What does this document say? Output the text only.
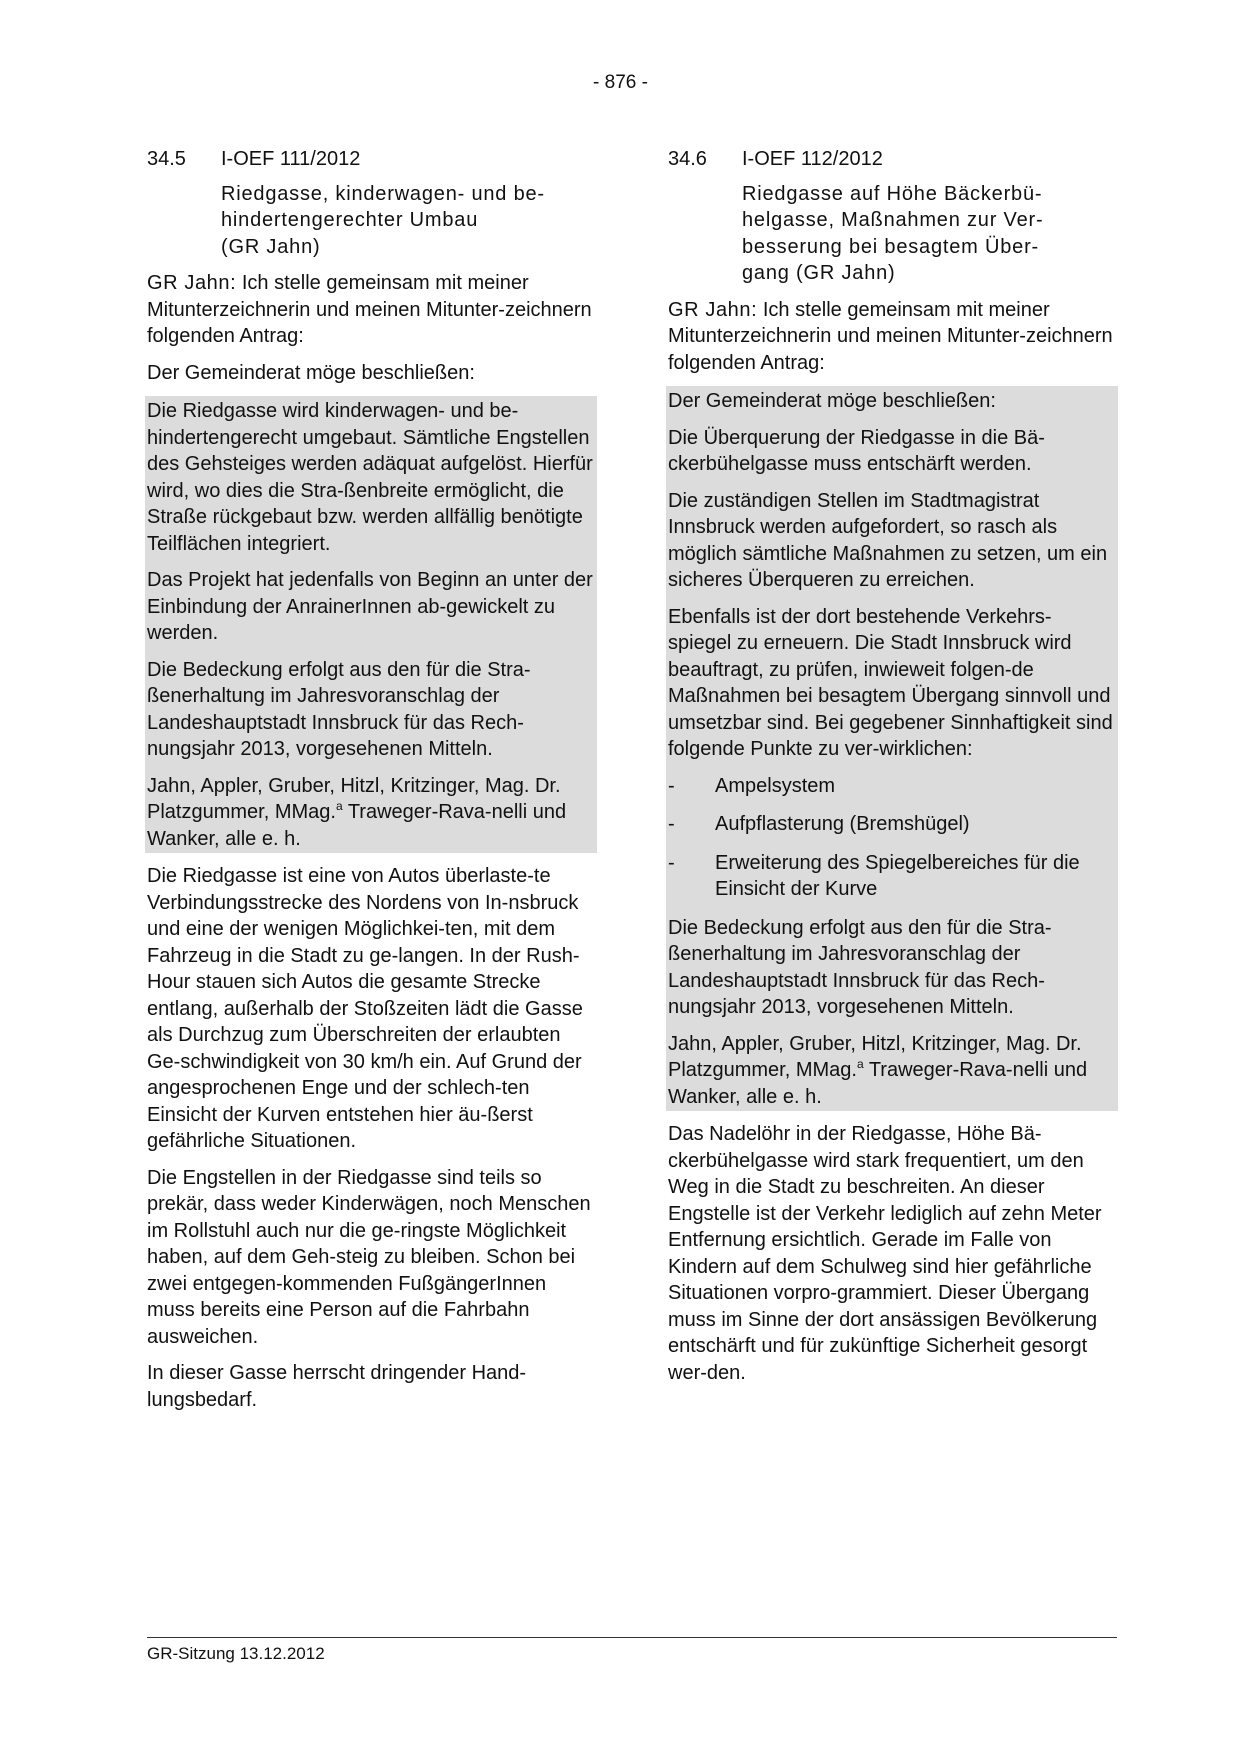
- 876 -
34.5	I-OEF 111/2012
Riedgasse, kinderwagen- und be-
hindertengerechter Umbau
(GR Jahn)

GR Jahn: Ich stelle gemeinsam mit meiner Mitunterzeichnerin und meinen Mitunter-zeichnern folgenden Antrag:

Der Gemeinderat möge beschließen:

Die Riedgasse wird kinderwagen- und be-hindertengerecht umgebaut. Sämtliche Engstellen des Gehsteiges werden adäquat aufgelöst. Hierfür wird, wo dies die Stra-ßenbreite ermöglicht, die Straße rückgebaut bzw. werden allfällig benötigte Teilflächen integriert.

Das Projekt hat jedenfalls von Beginn an unter der Einbindung der AnrainerInnen ab-gewickelt zu werden.

Die Bedeckung erfolgt aus den für die Stra-ßenerhaltung im Jahresvoranschlag der Landeshauptstadt Innsbruck für das Rech-nungsjahr 2013, vorgesehenen Mitteln.

Jahn, Appler, Gruber, Hitzl, Kritzinger, Mag. Dr. Platzgummer, MMag.$^a$ Traweger-Rava-nelli und Wanker, alle e. h.

Die Riedgasse ist eine von Autos überlaste-te Verbindungsstrecke des Nordens von In-nsbruck und eine der wenigen Möglichkei-ten, mit dem Fahrzeug in die Stadt zu ge-langen. In der Rush-Hour stauen sich Autos die gesamte Strecke entlang, außerhalb der Stoßzeiten lädt die Gasse als Durchzug zum Überschreiten der erlaubten Ge-schwindigkeit von 30 km/h ein. Auf Grund der angesprochenen Enge und der schlech-ten Einsicht der Kurven entstehen hier äu-ßerst gefährliche Situationen.

Die Engstellen in der Riedgasse sind teils so prekär, dass weder Kinderwägen, noch Menschen im Rollstuhl auch nur die ge-ringste Möglichkeit haben, auf dem Geh-steig zu bleiben. Schon bei zwei entgegen-kommenden FußgängerInnen muss bereits eine Person auf die Fahrbahn ausweichen.

In dieser Gasse herrscht dringender Hand-lungsbedarf.

34.6	I-OEF 112/2012
Riedgasse auf Höhe Bäckerbü-
helgasse, Maßnahmen zur Ver-
besserung bei besagtem Über-
gang (GR Jahn)

GR Jahn: Ich stelle gemeinsam mit meiner Mitunterzeichnerin und meinen Mitunter-zeichnern folgenden Antrag:

Der Gemeinderat möge beschließen:

Die Überquerung der Riedgasse in die Bä-ckerbühelgasse muss entschärft werden.

Die zuständigen Stellen im Stadtmagistrat Innsbruck werden aufgefordert, so rasch als möglich sämtliche Maßnahmen zu setzen, um ein sicheres Überqueren zu erreichen.

Ebenfalls ist der dort bestehende Verkehrs-spiegel zu erneuern. Die Stadt Innsbruck wird beauftragt, zu prüfen, inwieweit folgen-de Maßnahmen bei besagtem Übergang sinnvoll und umsetzbar sind. Bei gegebener Sinnhaftigkeit sind folgende Punkte zu ver-wirklichen:

-	Ampelsystem
-	Aufpflasterung (Bremshügel)
-	Erweiterung des Spiegelbereiches für die Einsicht der Kurve

Die Bedeckung erfolgt aus den für die Stra-ßenerhaltung im Jahresvoranschlag der Landeshauptstadt Innsbruck für das Rech-nungsjahr 2013, vorgesehenen Mitteln.

Jahn, Appler, Gruber, Hitzl, Kritzinger, Mag. Dr. Platzgummer, MMag.$^a$ Traweger-Rava-nelli und Wanker, alle e. h.

Das Nadelöhr in der Riedgasse, Höhe Bä-ckerbühelgasse wird stark frequentiert, um den Weg in die Stadt zu beschreiten. An dieser Engstelle ist der Verkehr lediglich auf zehn Meter Entfernung ersichtlich. Gerade im Falle von Kindern auf dem Schulweg sind hier gefährliche Situationen vorpro-grammiert. Dieser Übergang muss im Sinne der dort ansässigen Bevölkerung entschärft und für zukünftige Sicherheit gesorgt wer-den.

GR-Sitzung 13.12.2012
